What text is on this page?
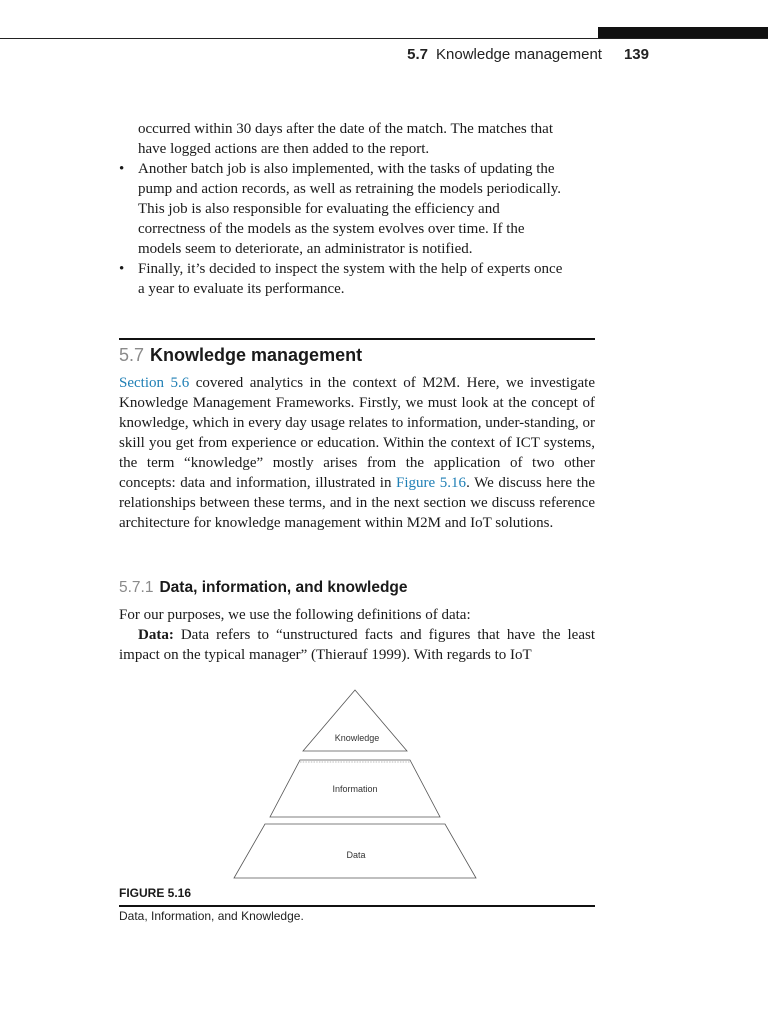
5.7 Knowledge management 139
occurred within 30 days after the date of the match. The matches that
have logged actions are then added to the report.
• Another batch job is also implemented, with the tasks of updating the
pump and action records, as well as retraining the models periodically.
This job is also responsible for evaluating the efficiency and
correctness of the models as the system evolves over time. If the
models seem to deteriorate, an administrator is notified.
• Finally, it’s decided to inspect the system with the help of experts once
a year to evaluate its performance.
5.7 Knowledge management
Section 5.6 covered analytics in the context of M2M. Here, we investigate Knowledge Management Frameworks. Firstly, we must look at the concept of knowledge, which in every day usage relates to information, under-standing, or skill you get from experience or education. Within the context of ICT systems, the term “knowledge” mostly arises from the application of two other concepts: data and information, illustrated in Figure 5.16. We discuss here the relationships between these terms, and in the next section we discuss reference architecture for knowledge management within M2M and IoT solutions.
5.7.1 Data, information, and knowledge
For our purposes, we use the following definitions of data:
Data: Data refers to “unstructured facts and figures that have the least impact on the typical manager” (Thierauf 1999). With regards to IoT
Knowledge
Information
Data
FIGURE 5.16
Data, Information, and Knowledge.
